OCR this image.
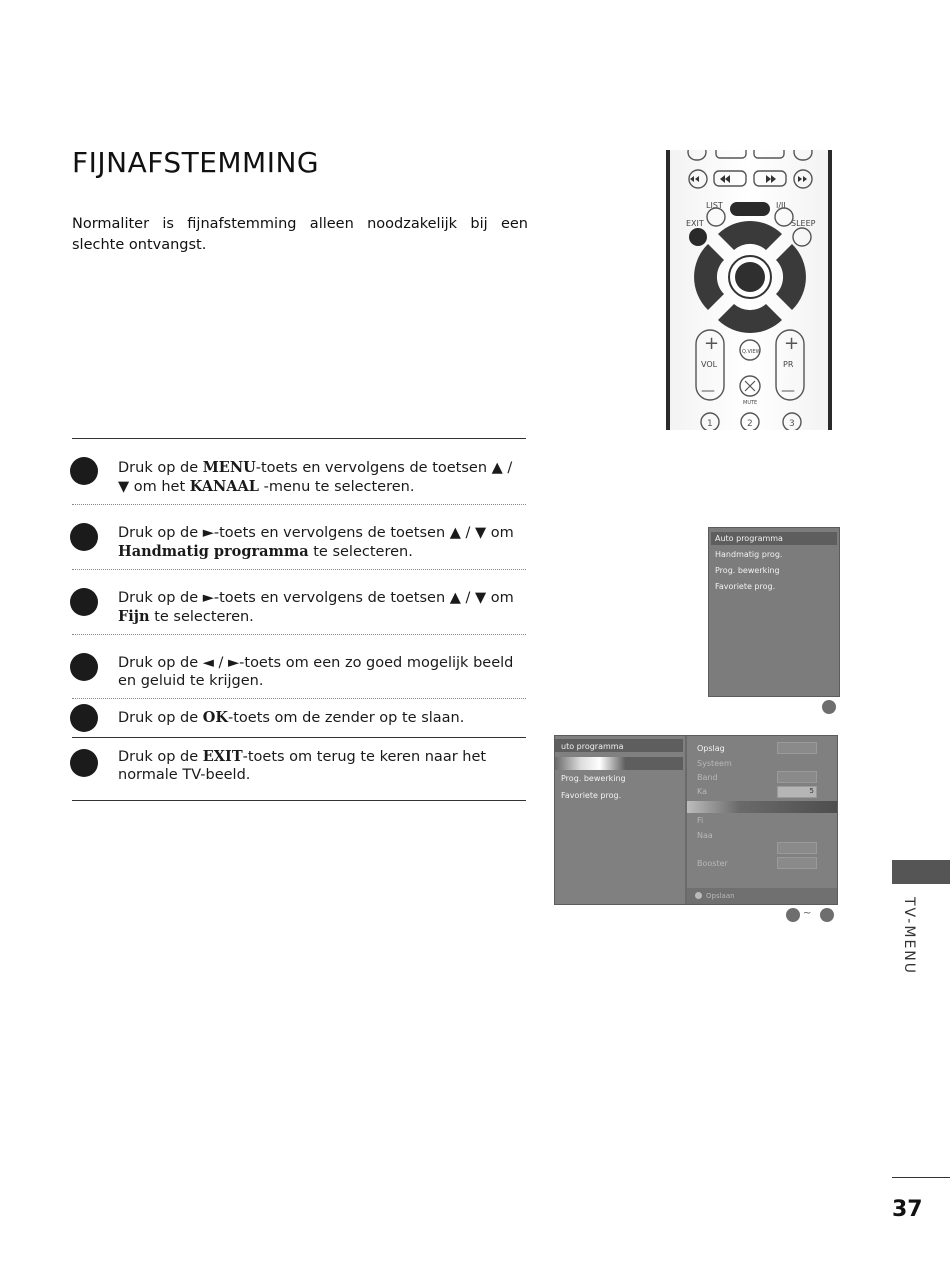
FIJNAFSTEMMING
Normaliter is fijnafstemming alleen noodzakelijk bij een slechte ontvangst.
Druk op de MENU-toets en vervolgens de toetsen ▲ / ▼ om het KANAAL -menu te selecteren.
Druk op de ►-toets en vervolgens de toetsen ▲ / ▼ om Handmatig programma te selecteren.
Druk op de ►-toets en vervolgens de toetsen ▲ / ▼ om Fijn te selecteren.
Druk op de ◄ / ►-toets om een zo goed mogelijk beeld en geluid te krijgen.
Druk op de OK-toets om de zender op te slaan.
Druk op de EXIT-toets om terug te keren naar het normale TV-beeld.
LIST	I/II
EXIT	SLEEP
+	+
—	—
VOL	PR
Q.VIEW
MUTE
1	2	3
Auto programma
Handmatig prog.
Prog. bewerking
Favoriete prog.
uto programma
Prog. bewerking
Favoriete prog.
Opslag
Systeem
Band
Ka	5
Fi
Naa
Booster
Opslaan
~	TV-MENU
37
